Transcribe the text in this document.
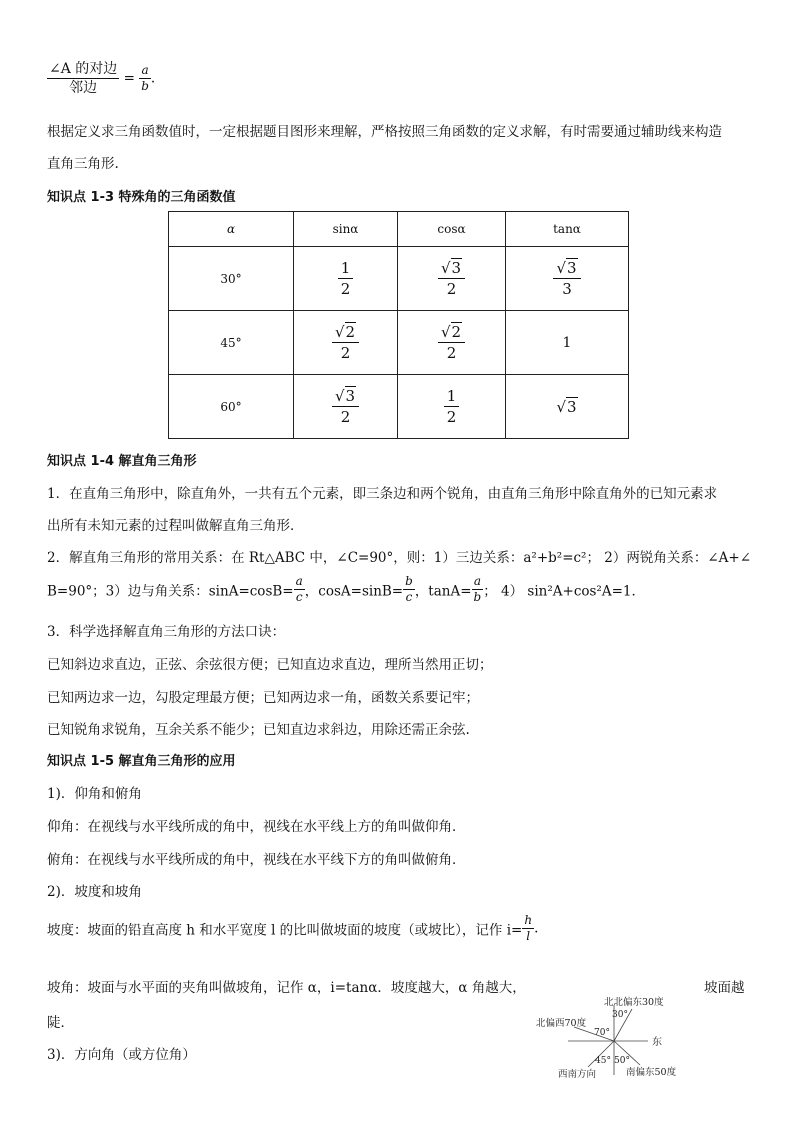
$\frac{\text{∠A 的对边}}{\text{邻边}} = \frac{a}{b}$ .
根据定义求三角函数值时，一定根据题目图形来理解，严格按照三角函数的定义求解，有时需要通过辅助线来构造
直角三角形.
知识点 1-3 特殊角的三角函数值
α	sinα	cosα	tanα
30°	$\frac{1}{2}$	$\frac{√3}{2}$	$\frac{√3}{3}$

45°	$\frac{√2}{2}$	$\frac{√2}{2}$	1
60°	$\frac{√3}{2}$	$\frac{1}{2}$	√3
知识点 1-4 解直角三角形
1．在直角三角形中，除直角外，一共有五个元素，即三条边和两个锐角，由直角三角形中除直角外的已知元素求
出所有未知元素的过程叫做解直角三角形．
2．解直角三角形的常用关系：在 Rt△ABC 中，∠C=90°，则：1）三边关系：a²+b²=c²； 2）两锐角关系：∠A+∠
B=90°；3）边与角关系：$\sin A=\cos B= \frac{a}{c}$ ，$\cos A=\sin B= \frac{b}{c}$ ，$\tan A= \frac{a}{b}$ ； 4） sin²A+cos²A=1．
3．科学选择解直角三角形的方法口诀：
已知斜边求直边，正弦、余弦很方便；已知直边求直边，理所当然用正切；
已知两边求一边，勾股定理最方便；已知两边求一角，函数关系要记牢；
已知锐角求锐角，互余关系不能少；已知直边求斜边，用除还需正余弦.
知识点 1-5 解直角三角形的应用
1)．仰角和俯角
仰角：在视线与水平线所成的角中，视线在水平线上方的角叫做仰角．
俯角：在视线与水平线所成的角中，视线在水平线下方的角叫做俯角．
2)．坡度和坡角
坡度：坡面的铅直高度 h 和水平宽度 l 的比叫做坡面的坡度（或坡比），记作 $i= \frac{h}{l}$ .
坡角：坡面与水平面的夹角叫做坡角，记作 α，i=tanα．坡度越大，α 角越大，	坡面越
陡．
3)．方向角（或方位角）
北北偏东30度
北偏西70度
30°
70°
东
45° 50°
西南方向	南偏东50度
